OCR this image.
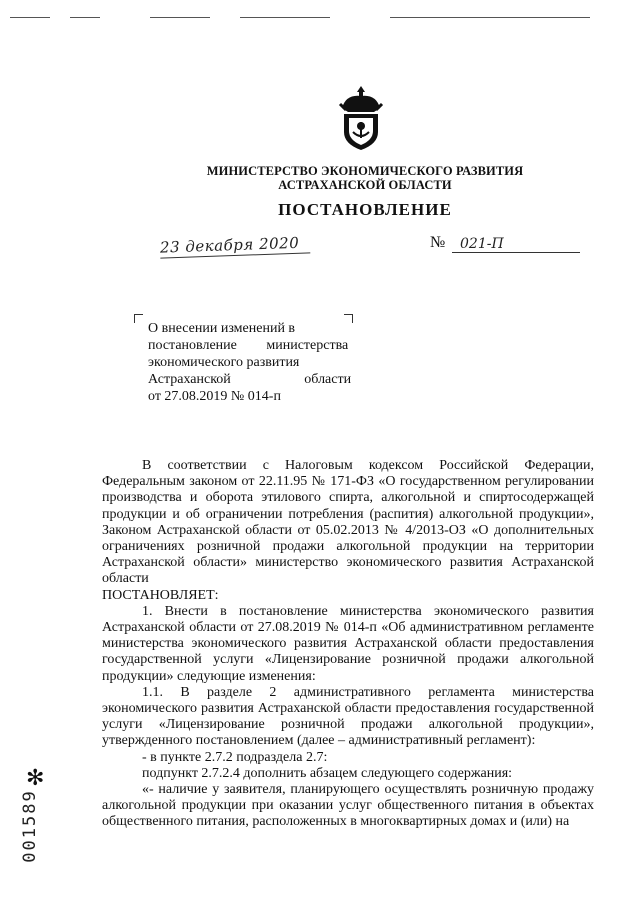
МИНИСТЕРСТВО ЭКОНОМИЧЕСКОГО РАЗВИТИЯ
АСТРАХАНСКОЙ ОБЛАСТИ
ПОСТАНОВЛЕНИЕ
23 декабря 2020	№	021-П
О внесении изменений в
постановление министерства
экономического развития
Астраханской области
от 27.08.2019 № 014-п

В соответствии с Налоговым кодексом Российской Федерации, Федеральным законом от 22.11.95 № 171-ФЗ «О государственном регулировании производства и оборота этилового спирта, алкогольной и спиртосодержащей продукции и об ограничении потребления (распития) алкогольной продукции», Законом Астраханской области от 05.02.2013 № 4/2013-ОЗ «О дополнительных ограничениях розничной продажи алкогольной продукции на территории Астраханской области» министерство экономического развития Астраханской области

ПОСТАНОВЛЯЕТ:

1. Внести в постановление министерства экономического развития Астраханской области от 27.08.2019 № 014-п «Об административном регламенте министерства экономического развития Астраханской области предоставления государственной услуги «Лицензирование розничной продажи алкогольной продукции» следующие изменения:

1.1. В разделе 2 административного регламента министерства экономического развития Астраханской области предоставления государственной услуги «Лицензирование розничной продажи алкогольной продукции», утвержденного постановлением (далее – административный регламент):

- в пункте 2.7.2 подраздела 2.7:

подпункт 2.7.2.4 дополнить абзацем следующего содержания:

«- наличие у заявителя, планирующего осуществлять розничную продажу алкогольной продукции при оказании услуг общественного питания в объектах общественного питания, расположенных в многоквартирных домах и (или) на

✻
001589
